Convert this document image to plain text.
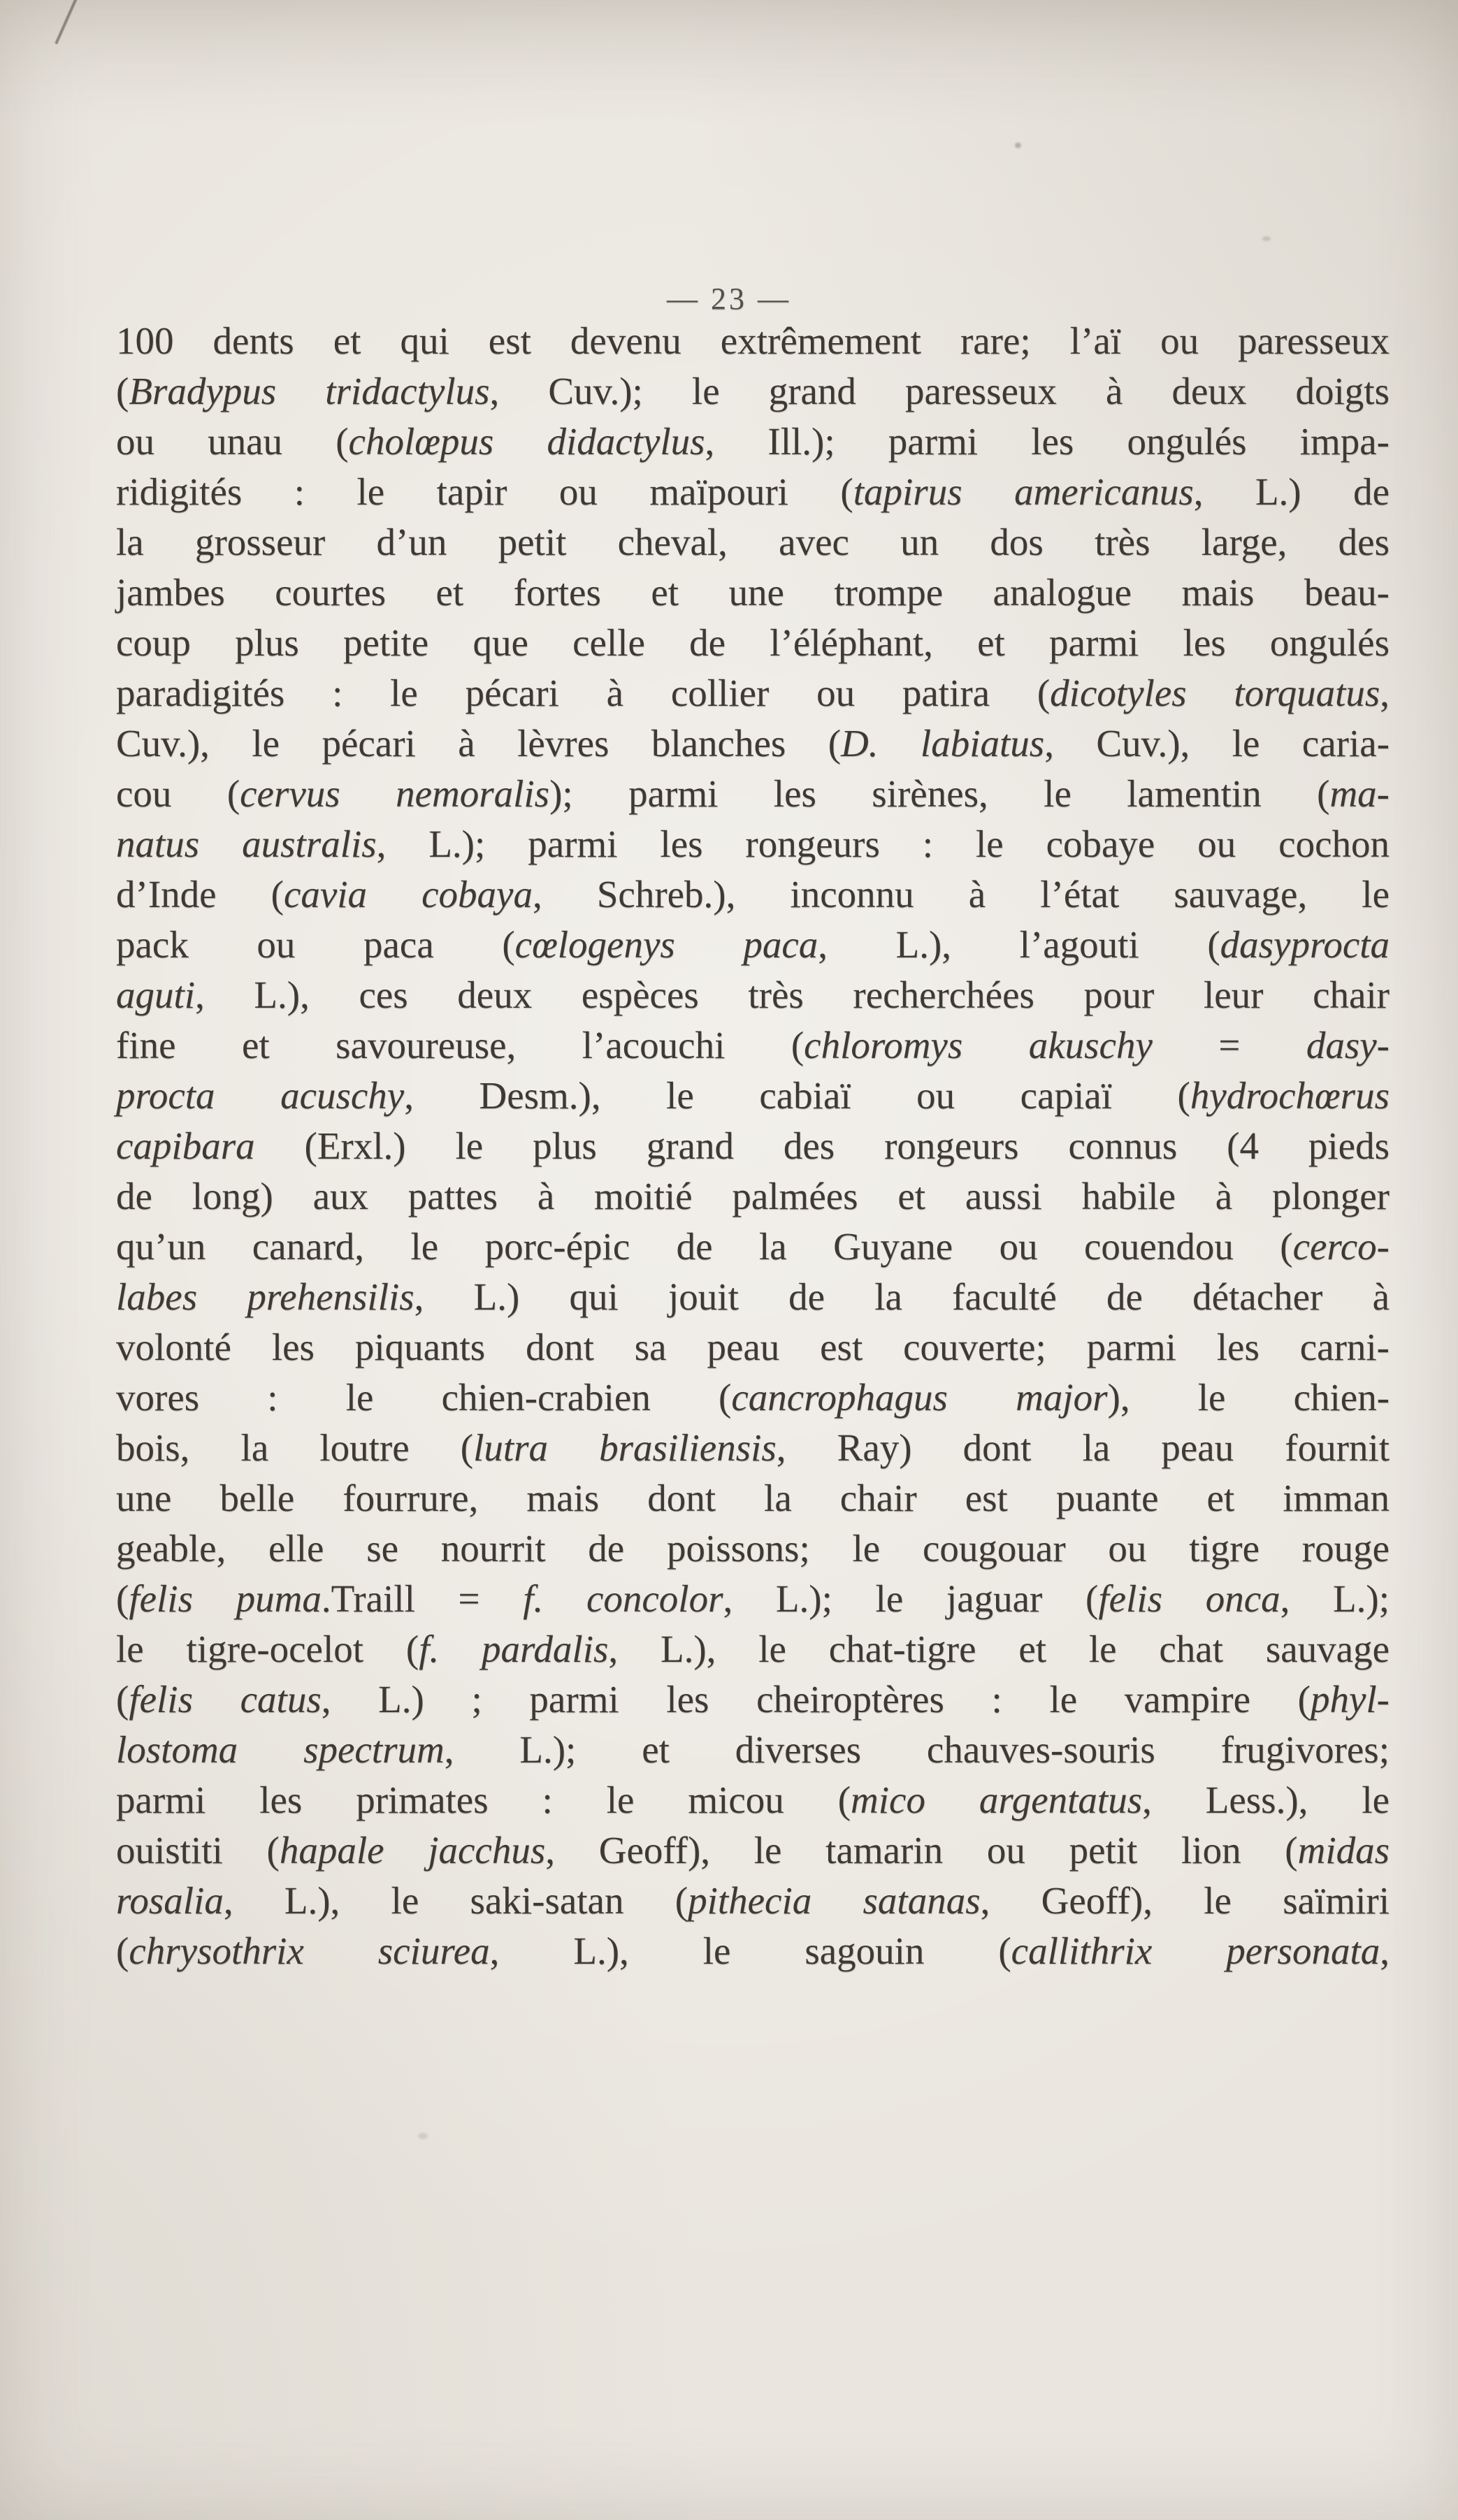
— 23 —
100 dents et qui est devenu extrêmement rare; l’aï ou paresseux
(Bradypus tridactylus, Cuv.); le grand paresseux à deux doigts
ou unau (cholœpus didactylus, Ill.); parmi les ongulés impa-
ridigités : le tapir ou maïpouri (tapirus americanus, L.) de
la grosseur d’un petit cheval, avec un dos très large, des
jambes courtes et fortes et une trompe analogue mais beau-
coup plus petite que celle de l’éléphant, et parmi les ongulés
paradigités : le pécari à collier ou patira (dicotyles torquatus,
Cuv.), le pécari à lèvres blanches (D. labiatus, Cuv.), le caria-
cou (cervus nemoralis); parmi les sirènes, le lamentin (ma-
natus australis, L.); parmi les rongeurs : le cobaye ou cochon
d’Inde (cavia cobaya, Schreb.), inconnu à l’état sauvage, le
pack ou paca (cœlogenys paca, L.), l’agouti (dasyprocta
aguti, L.), ces deux espèces très recherchées pour leur chair
fine et savoureuse, l’acouchi (chloromys akuschy = dasy-
procta acuschy, Desm.), le cabiaï ou capiaï (hydrochœrus
capibara (Erxl.) le plus grand des rongeurs connus (4 pieds
de long) aux pattes à moitié palmées et aussi habile à plonger
qu’un canard, le porc-épic de la Guyane ou couendou (cerco-
labes prehensilis, L.) qui jouit de la faculté de détacher à
volonté les piquants dont sa peau est couverte; parmi les carni-
vores : le chien-crabien (cancrophagus major), le chien-
bois, la loutre (lutra brasiliensis, Ray) dont la peau fournit
une belle fourrure, mais dont la chair est puante et imman
geable, elle se nourrit de poissons; le cougouar ou tigre rouge
(felis puma.Traill = f. concolor, L.); le jaguar (felis onca, L.);
le tigre-ocelot (f. pardalis, L.), le chat-tigre et le chat sauvage
(felis catus, L.) ; parmi les cheiroptères : le vampire (phyl-
lostoma spectrum, L.); et diverses chauves-souris frugivores;
parmi les primates : le micou (mico argentatus, Less.), le
ouistiti (hapale jacchus, Geoff), le tamarin ou petit lion (midas
rosalia, L.), le saki-satan (pithecia satanas, Geoff), le saïmiri
(chrysothrix sciurea, L.), le sagouin (callithrix personata,
